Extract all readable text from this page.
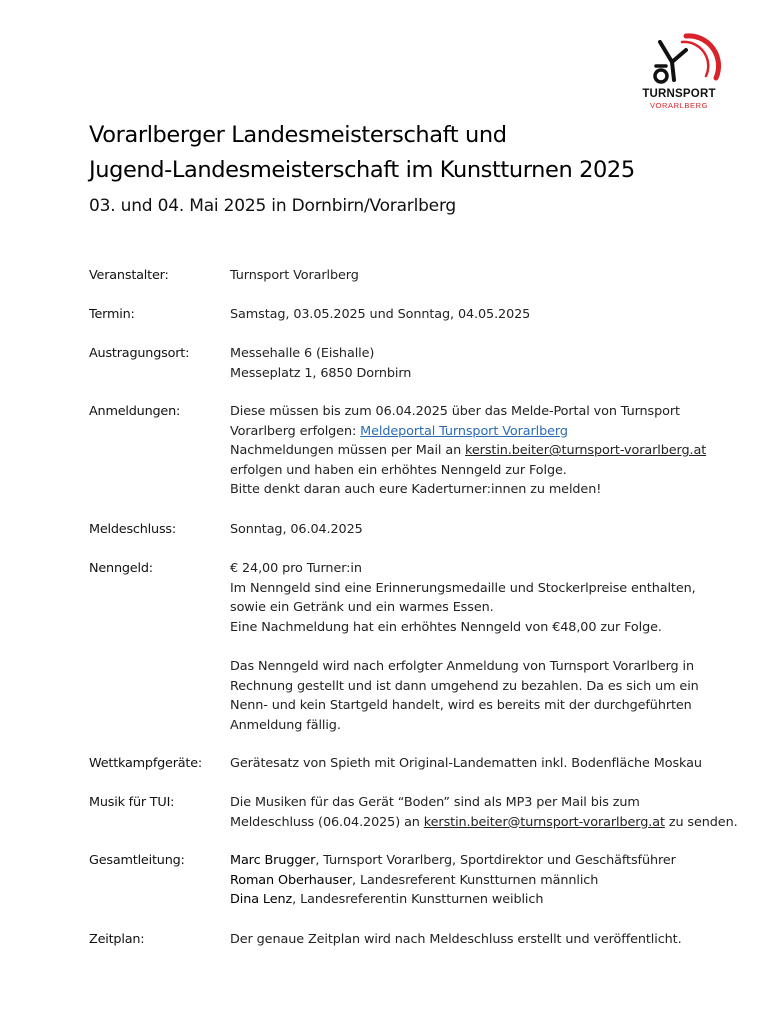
TURNSPORT
VORARLBERG
Vorarlberger Landesmeisterschaft und
Jugend-Landesmeisterschaft im Kunstturnen 2025

03. und 04. Mai 2025 in Dornbirn/Vorarlberg

Veranstalter:	Turnsport Vorarlberg
Termin:	Samstag, 03.05.2025 und Sonntag, 04.05.2025
Austragungsort:	Messehalle 6 (Eishalle)
Messeplatz 1, 6850 Dornbirn
Anmeldungen:	Diese müssen bis zum 06.04.2025 über das Melde-Portal von Turnsport
Vorarlberg erfolgen: Meldeportal Turnsport Vorarlberg
Nachmeldungen müssen per Mail an kerstin.beiter@turnsport-vorarlberg.at
erfolgen und haben ein erhöhtes Nenngeld zur Folge.
Bitte denkt daran auch eure Kaderturner:innen zu melden!
Meldeschluss:	Sonntag, 06.04.2025
Nenngeld:	€ 24,00 pro Turner:in
Im Nenngeld sind eine Erinnerungsmedaille und Stockerlpreise enthalten,
sowie ein Getränk und ein warmes Essen.
Eine Nachmeldung hat ein erhöhtes Nenngeld von €48,00 zur Folge.
Das Nenngeld wird nach erfolgter Anmeldung von Turnsport Vorarlberg in
Rechnung gestellt und ist dann umgehend zu bezahlen. Da es sich um ein
Nenn- und kein Startgeld handelt, wird es bereits mit der durchgeführten
Anmeldung fällig.
Wettkampfgeräte: Gerätesatz von Spieth mit Original-Landematten inkl. Bodenfläche Moskau
Musik für TUI:	Die Musiken für das Gerät “Boden” sind als MP3 per Mail bis zum
Meldeschluss (06.04.2025) an kerstin.beiter@turnsport-vorarlberg.at zu senden.
Gesamtleitung:	Marc Brugger, Turnsport Vorarlberg, Sportdirektor und Geschäftsführer
Roman Oberhauser, Landesreferent Kunstturnen männlich
Dina Lenz, Landesreferentin Kunstturnen weiblich
Zeitplan:	Der genaue Zeitplan wird nach Meldeschluss erstellt und veröffentlicht.
